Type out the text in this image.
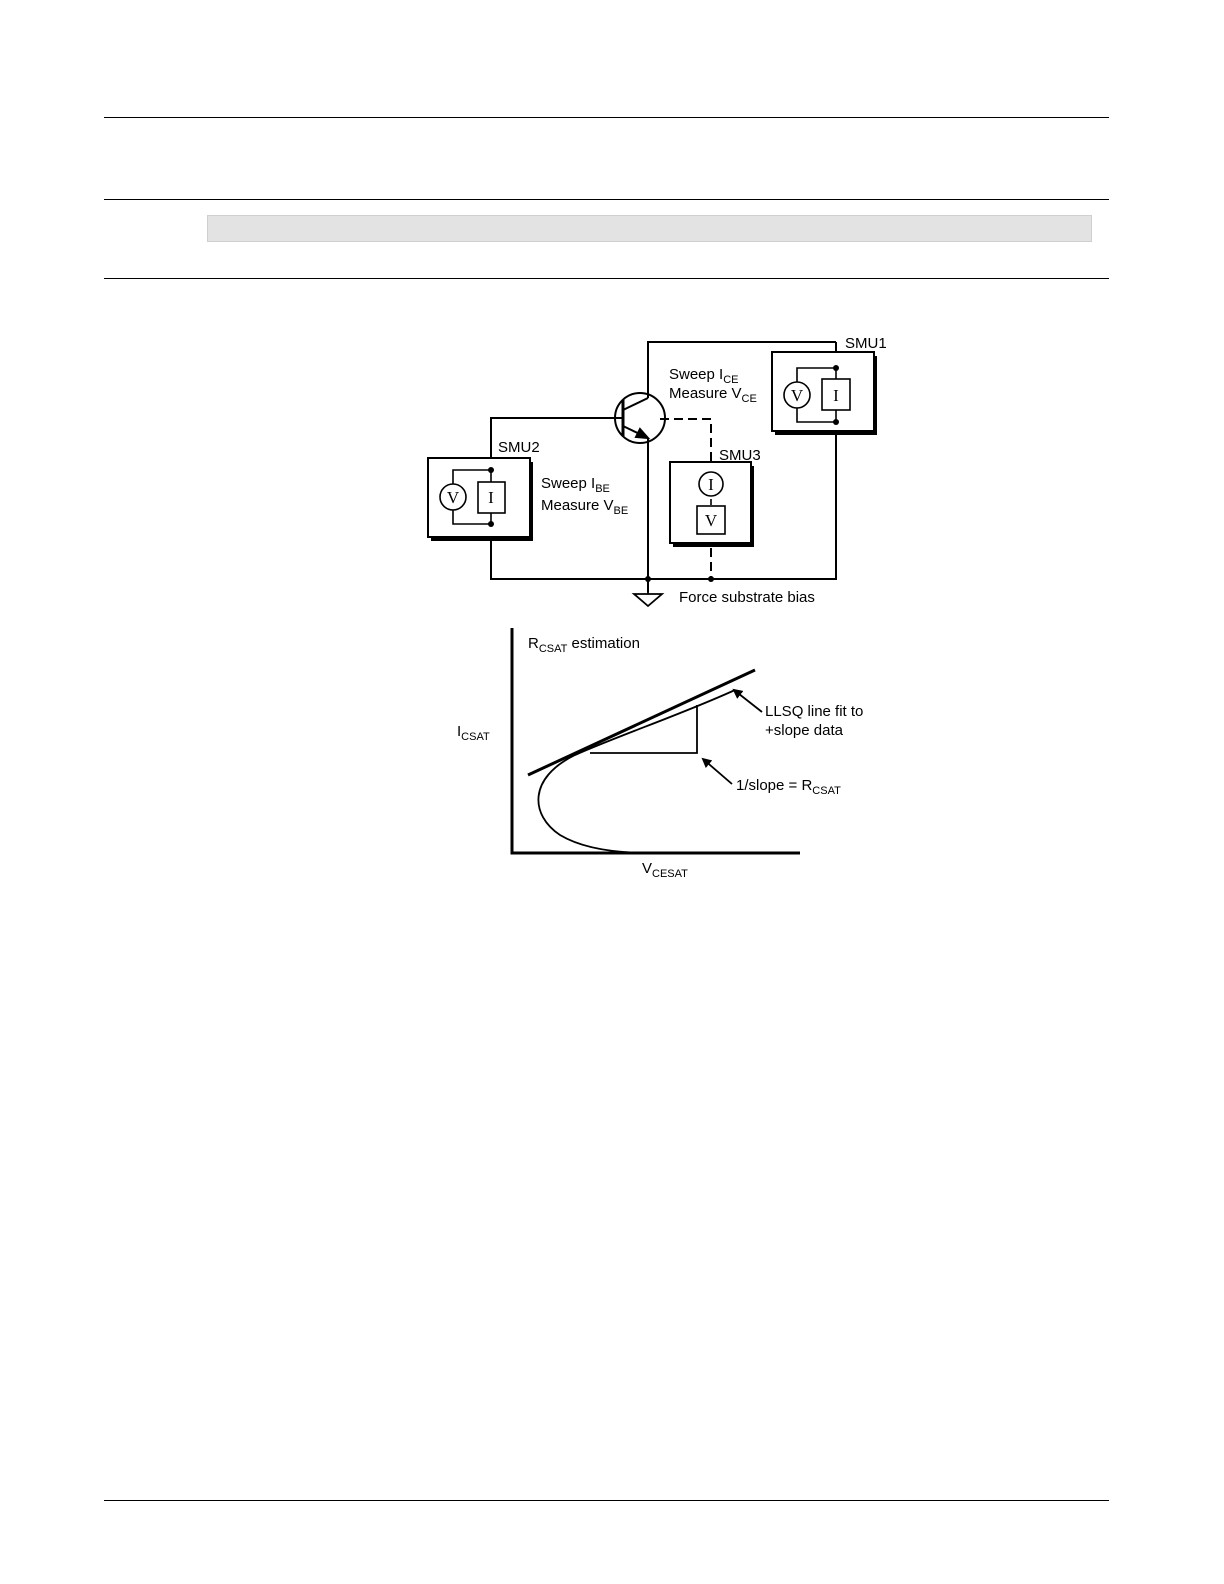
V I
SMU1
V I
SMU2
I
V
SMU3
Sweep $I_{CE}$
Measure $V_{CE}$
Sweep $I_{BE}$
Measure $V_{BE}$
Force substrate bias
$R_{CSAT}$ estimation
$I_{CSAT}$
$V_{CESAT}$
LLSQ line fit to
+slope data
1/slope = $R_{CSAT}$
